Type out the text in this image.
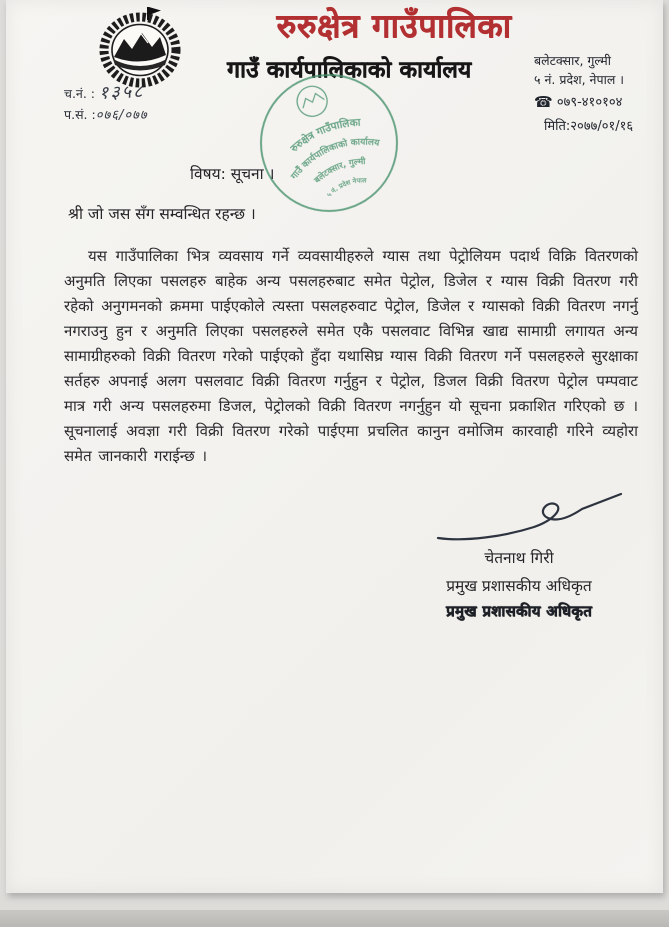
रुरुक्षेत्र गाउँपालिका
गाउँ कार्यपालिकाको कार्यालय	बलेटक्सार, गुल्मी
५ नं. प्रदेश, नेपाल ।
☎ ०७९-४१०१०४
मिति:२०७७/०१/१६
च.नं. : १३५८
प.सं. :०७६/०७७
रुरुक्षेत्र गाउँपालिका
गाउँ कार्यपालिकाको कार्यालय
बलेटक्सार, गुल्मी
५ नं. प्रदेश नेपाल
विषय: सूचना ।
श्री जो जस सँग सम्वन्धित रहन्छ ।
यस गाउँपालिका भित्र व्यवसाय गर्ने व्यवसायीहरुले ग्यास तथा पेट्रोलियम पदार्थ विक्रि वितरणको अनुमति लिएका पसलहरु बाहेक अन्य पसलहरुबाट समेत पेट्रोल, डिजेल र ग्यास विक्री वितरण गरी रहेको अनुगमनको क्रममा पाईएकोले त्यस्ता पसलहरुवाट पेट्रोल, डिजेल र ग्यासको विक्री वितरण नगर्नु नगराउनु हुन र अनुमति लिएका पसलहरुले समेत एकै पसलवाट विभिन्न खाद्य सामाग्री लगायत अन्य सामाग्रीहरुको विक्री वितरण गरेको पाईएको हुँदा यथासिघ्र ग्यास विक्री वितरण गर्ने पसलहरुले सुरक्षाका सर्तहरु अपनाई अलग पसलवाट विक्री वितरण गर्नुहुन र पेट्रोल, डिजल विक्री वितरण पेट्रोल पम्पवाट मात्र गरी अन्य पसलहरुमा डिजल, पेट्रोलको विक्री वितरण नगर्नुहुन यो सूचना प्रकाशित गरिएको छ । सूचनालाई अवज्ञा गरी विक्री वितरण गरेको पाईएमा प्रचलित कानुन वमोजिम कारवाही गरिने व्यहोरा समेत जानकारी गराईन्छ ।
चेतनाथ गिरी
प्रमुख प्रशासकीय अधिकृत
प्रमुख प्रशासकीय अधिकृत
